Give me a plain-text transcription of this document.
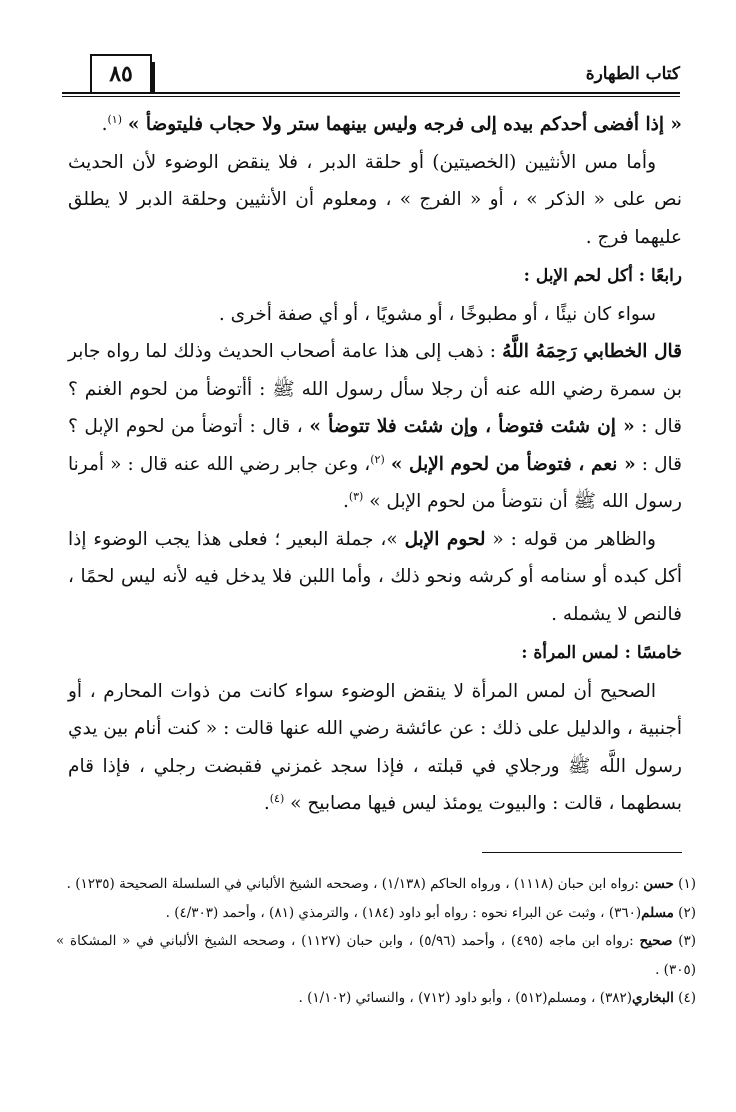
٨٥	كتاب الطهارة

« إذا أفضى أحدكم بيده إلى فرجه وليس بينهما ستر ولا حجاب فليتوضأ » $^{(١)}$.

وأما مس الأنثيين (الخصيتين) أو حلقة الدبر ، فلا ينقض الوضوء لأن الحديث نص على « الذكر » ، أو « الفرج » ، ومعلوم أن الأنثيين وحلقة الدبر لا يطلق عليهما فرج .

رابعًا : أكل لحم الإبل :

سواء كان نيئًا ، أو مطبوخًا ، أو مشويًا ، أو أي صفة أخرى .

قال الخطابي رَحِمَهُ اللَّهُ : ذهب إلى هذا عامة أصحاب الحديث وذلك لما رواه جابر بن سمرة رضي الله عنه أن رجلا سأل رسول الله ﷺ : أأتوضأ من لحوم الغنم ؟ قال : « إن شئت فتوضأ ، وإن شئت فلا تتوضأ » ، قال : أتوضأ من لحوم الإبل ؟ قال : « نعم ، فتوضأ من لحوم الإبل » $^{(٢)}$، وعن جابر رضي الله عنه قال : « أمرنا رسول الله ﷺ أن نتوضأ من لحوم الإبل » $^{(٣)}$.

والظاهر من قوله : « لحوم الإبل »، جملة البعير ؛ فعلى هذا يجب الوضوء إذا أكل كبده أو سنامه أو كرشه ونحو ذلك ، وأما اللبن فلا يدخل فيه لأنه ليس لحمًا ، فالنص لا يشمله .

خامسًا : لمس المرأة :

الصحيح أن لمس المرأة لا ينقض الوضوء سواء كانت من ذوات المحارم ، أو أجنبية ، والدليل على ذلك : عن عائشة رضي الله عنها قالت : « كنت أنام بين يدي رسول اللَّه ﷺ ورجلاي في قبلته ، فإذا سجد غمزني فقبضت رجلي ، فإذا قام بسطهما ، قالت : والبيوت يومئذ ليس فيها مصابيح » $^{(٤)}$.

(١) حسن :رواه ابن حبان (١١١٨) ، ورواه الحاكم (١/١٣٨) ، وصححه الشيخ الألباني في السلسلة الصحيحة (١٢٣٥) .

(٢) مسلم(٣٦٠) ، وثبت عن البراء نحوه : رواه أبو داود (١٨٤) ، والترمذي (٨١) ، وأحمد (٤/٣٠٣) .

(٣) صحيح :رواه ابن ماجه (٤٩٥) ، وأحمد (٥/٩٦) ، وابن حبان (١١٢٧) ، وصححه الشيخ الألباني في « المشكاة » (٣٠٥) .

(٤) البخاري(٣٨٢) ، ومسلم(٥١٢) ، وأبو داود (٧١٢) ، والنسائي (١/١٠٢) .
